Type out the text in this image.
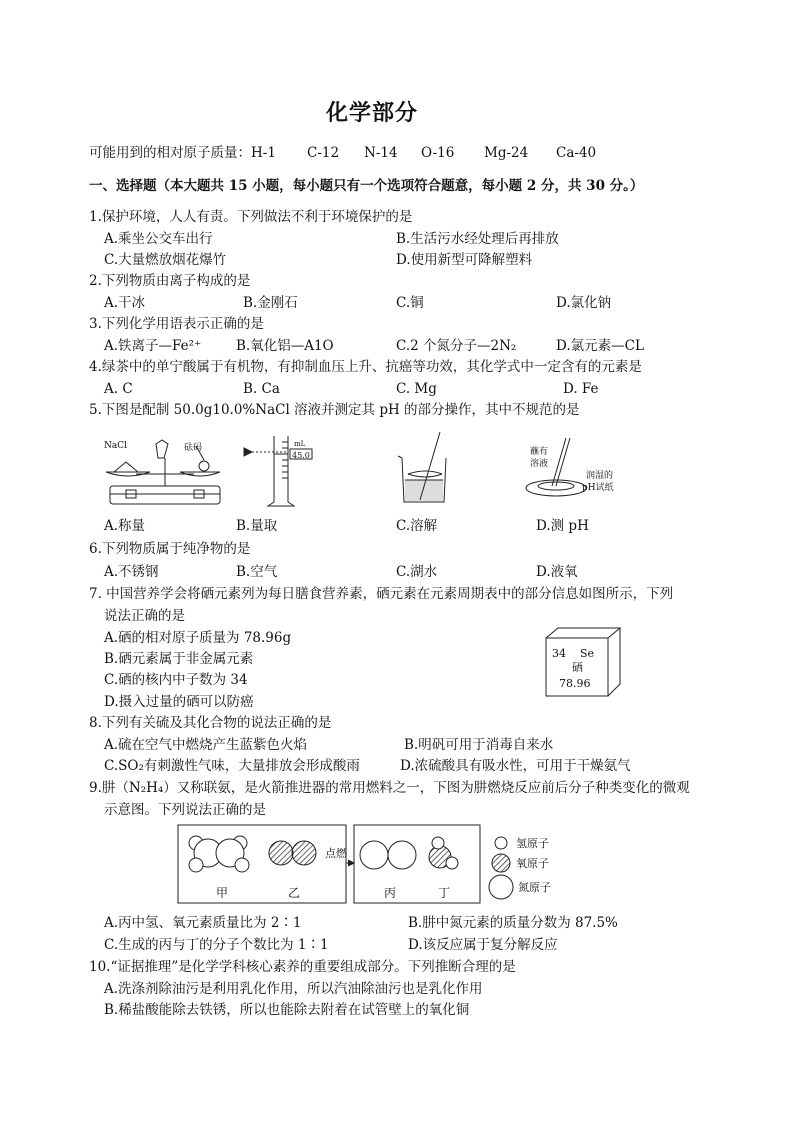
化学部分
可能用到的相对原子质量：H-1 C-12 N-14 O-16 Mg-24 Ca-40
一、选择题（本大题共 15 小题，每小题只有一个选项符合题意，每小题 2 分，共 30 分。）
1.保护环境，人人有责。下列做法不利于环境保护的是
A.乘坐公交车出行	B.生活污水经处理后再排放
C.大量燃放烟花爆竹	D.使用新型可降解塑料
2.下列物质由离子构成的是
A.干冰	B.金刚石	C.铜	D.氯化钠
3.下列化学用语表示正确的是
A.铁离子—Fe²⁺	B.氧化铝—A1O	C.2 个氮分子—2N₂	D.氯元素—CL
4.绿茶中的单宁酸属于有机物，有抑制血压上升、抗癌等功效，其化学式中一定含有的元素是
A. C	B. Ca	C. Mg	D. Fe
5.下图是配制 50.0g10.0%NaCl 溶液并测定其 pH 的部分操作，其中不规范的是
NaCl	砝码	mL
45.0	蘸有
溶液
润湿的
pH试纸
A.称量	B.量取	C.溶解	D.测 pH
6.下列物质属于纯净物的是
A.不锈钢	B.空气	C.湖水	D.液氧
7. 中国营养学会将硒元素列为每日膳食营养素，硒元素在元素周期表中的部分信息如图所示，下列
说法正确的是
A.硒的相对原子质量为 78.96g
B.硒元素属于非金属元素
C.硒的核内中子数为 34
D.摄入过量的硒可以防癌
34 Se
硒
78.96
8.下列有关硫及其化合物的说法正确的是
A.硫在空气中燃烧产生蓝紫色火焰	B.明矾可用于消毒自来水
C.SO₂有刺激性气味，大量排放会形成酸雨	D.浓硫酸具有吸水性，可用于干燥氨气
9.肼（N₂H₄）又称联氨，是火箭推进器的常用燃料之一，下图为肼燃烧反应前后分子种类变化的微观
示意图。下列说法正确的是
甲	乙
点燃
丙	丁
氢原子
氧原子
氮原子
A.丙中氢、氧元素质量比为 2∶1	B.肼中氮元素的质量分数为 87.5%
C.生成的丙与丁的分子个数比为 1∶1	D.该反应属于复分解反应
10.“证据推理”是化学学科核心素养的重要组成部分。下列推断合理的是
A.洗涤剂除油污是利用乳化作用，所以汽油除油污也是乳化作用
B.稀盐酸能除去铁锈，所以也能除去附着在试管壁上的氧化铜
